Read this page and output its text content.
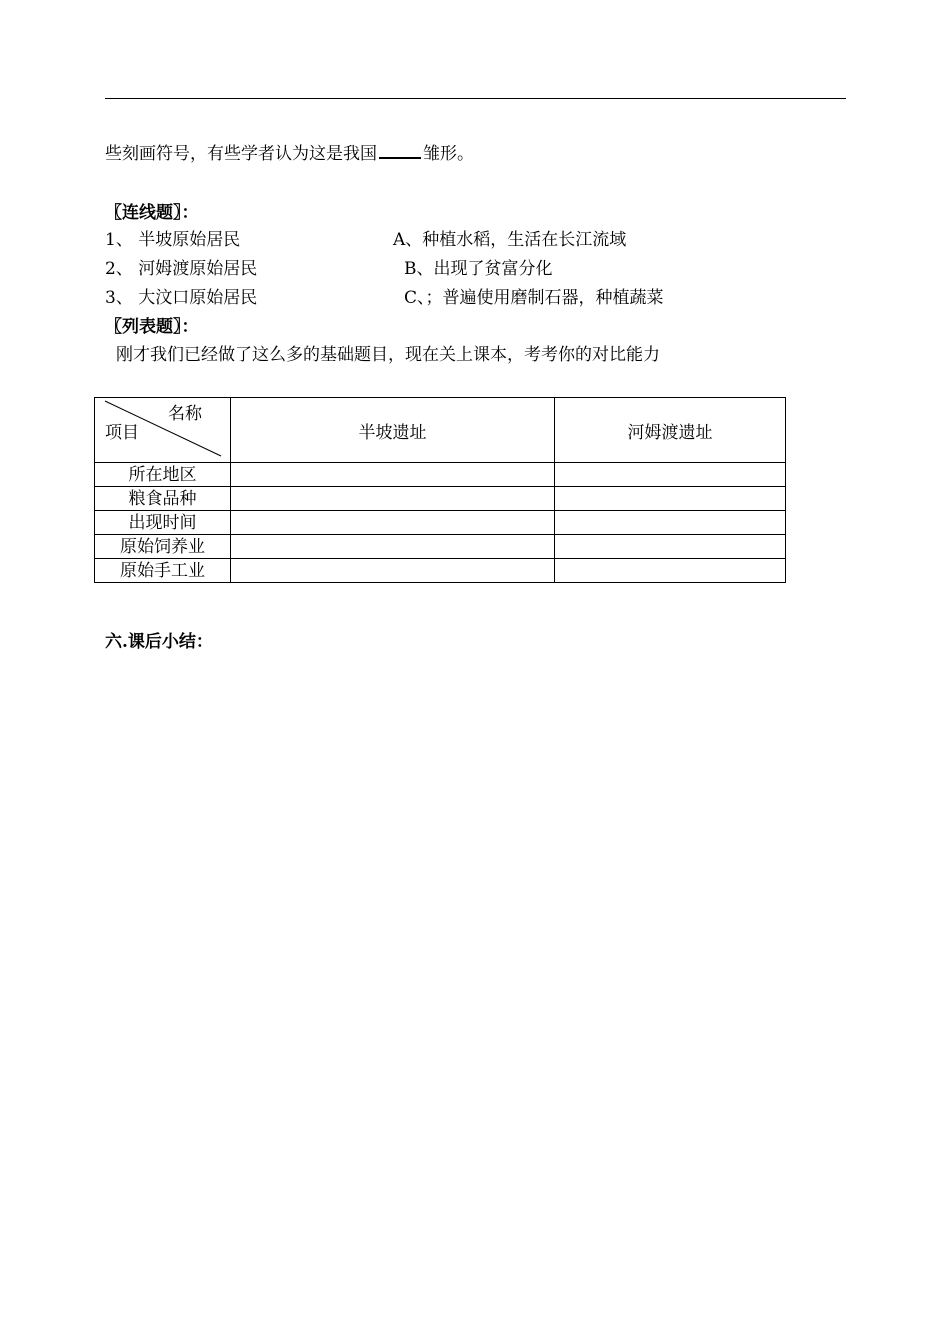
些刻画符号，有些学者认为这是我国	雏形。
〖连线题〗：
1、 半坡原始居民
2、 河姆渡原始居民
3、 大汶口原始居民
A、种植水稻，生活在长江流域
B、出现了贫富分化
C、；普遍使用磨制石器，种植蔬菜
〖列表题〗：
刚才我们已经做了这么多的基础题目，现在关上课本，考考你的对比能力
名称
项目	半坡遗址	河姆渡遗址
所在地区		
粮食品种		
出现时间		
原始饲养业		
原始手工业		
六.课后小结：
